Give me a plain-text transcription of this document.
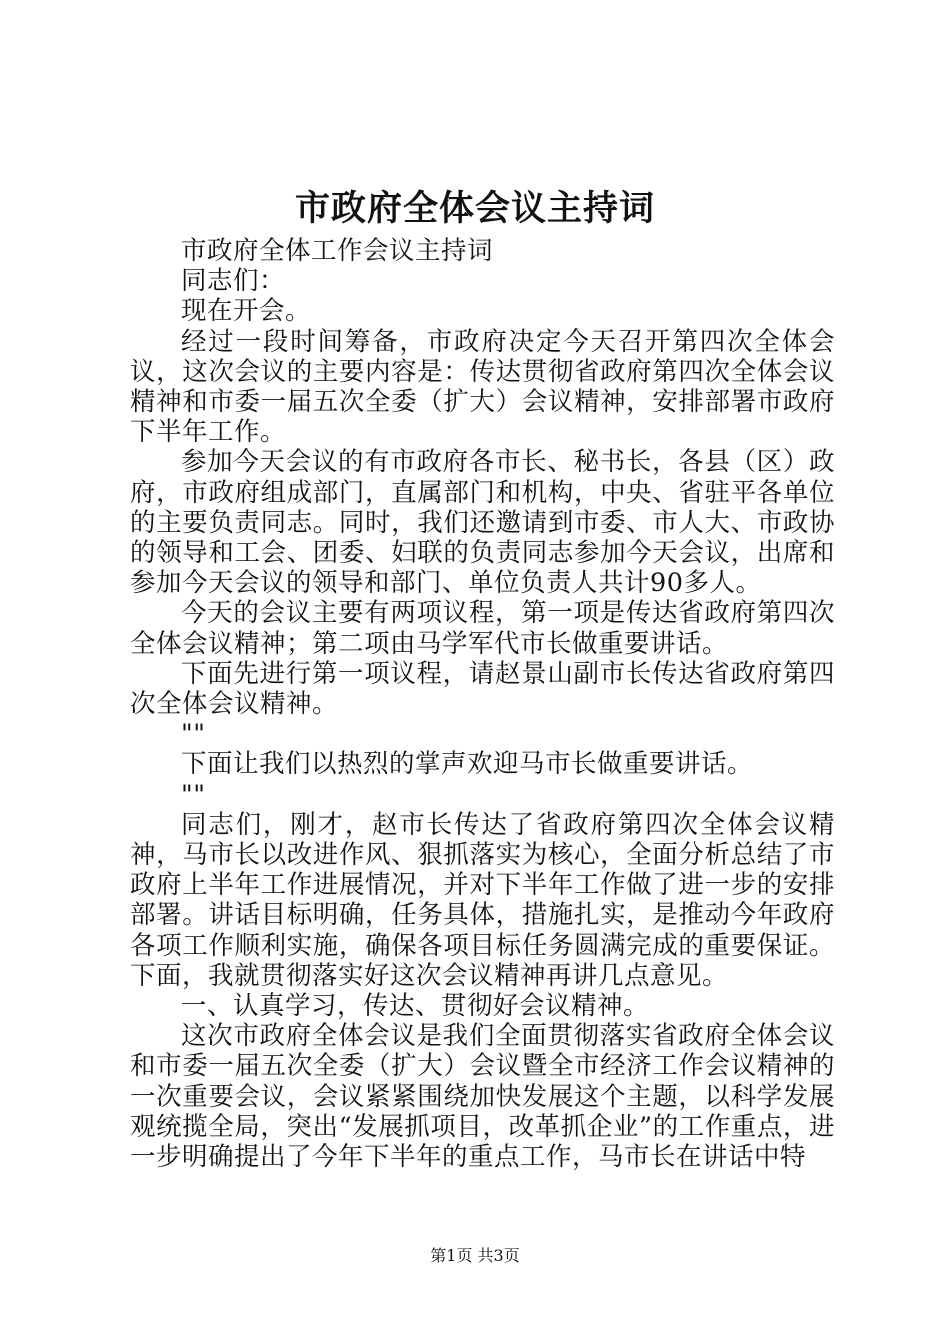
市政府全体会议主持词

市政府全体工作会议主持词

同志们：

现在开会。

经过一段时间筹备，市政府决定今天召开第四次全体会议，这次会议的主要内容是：传达贯彻省政府第四次全体会议精神和市委一届五次全委（扩大）会议精神，安排部署市政府下半年工作。

参加今天会议的有市政府各市长、秘书长，各县（区）政府，市政府组成部门，直属部门和机构，中央、省驻平各单位的主要负责同志。同时，我们还邀请到市委、市人大、市政协的领导和工会、团委、妇联的负责同志参加今天会议，出席和参加今天会议的领导和部门、单位负责人共计90多人。

今天的会议主要有两项议程，第一项是传达省政府第四次全体会议精神；第二项由马学军代市长做重要讲话。

下面先进行第一项议程，请赵景山副市长传达省政府第四次全体会议精神。

""

下面让我们以热烈的掌声欢迎马市长做重要讲话。

""

同志们，刚才，赵市长传达了省政府第四次全体会议精神，马市长以改进作风、狠抓落实为核心，全面分析总结了市政府上半年工作进展情况，并对下半年工作做了进一步的安排部署。讲话目标明确，任务具体，措施扎实，是推动今年政府各项工作顺利实施，确保各项目标任务圆满完成的重要保证。下面，我就贯彻落实好这次会议精神再讲几点意见。

一、认真学习，传达、贯彻好会议精神。

这次市政府全体会议是我们全面贯彻落实省政府全体会议和市委一届五次全委（扩大）会议暨全市经济工作会议精神的一次重要会议，会议紧紧围绕加快发展这个主题，以科学发展观统揽全局，突出“发展抓项目，改革抓企业”的工作重点，进一步明确提出了今年下半年的重点工作，马市长在讲话中特

第1页 共3页
